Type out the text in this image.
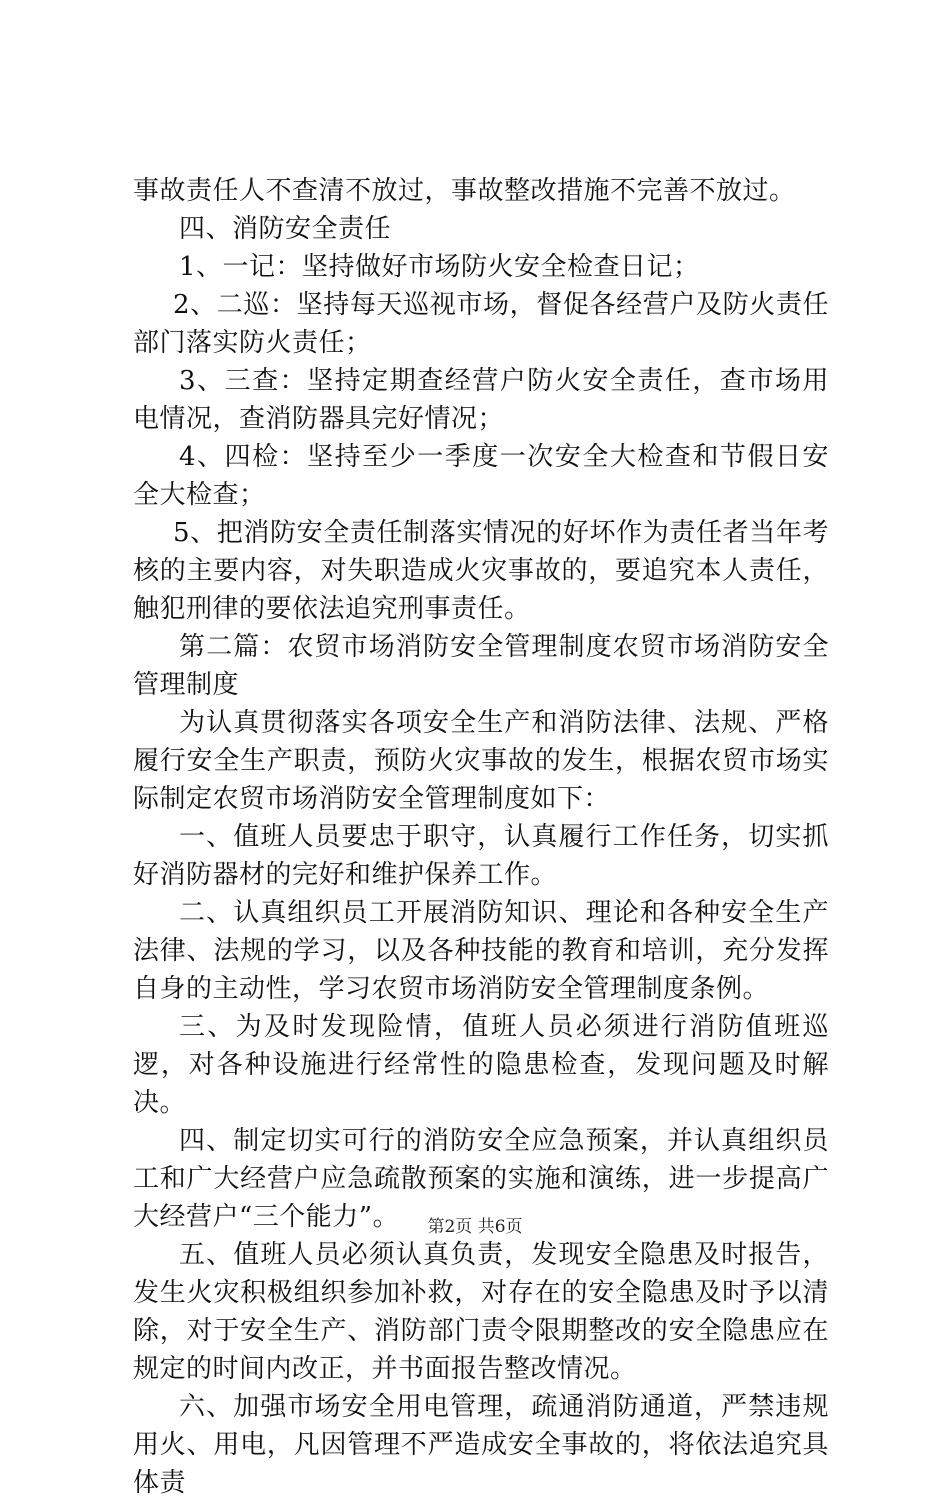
事故责任人不查清不放过，事故整改措施不完善不放过。

四、消防安全责任

1、一记：坚持做好市场防火安全检查日记；

2、二巡：坚持每天巡视市场，督促各经营户及防火责任部门落实防火责任；

3、三查：坚持定期查经营户防火安全责任，查市场用电情况，查消防器具完好情况；

4、四检：坚持至少一季度一次安全大检查和节假日安全大检查；

5、把消防安全责任制落实情况的好坏作为责任者当年考核的主要内容，对失职造成火灾事故的，要追究本人责任，触犯刑律的要依法追究刑事责任。

第二篇：农贸市场消防安全管理制度农贸市场消防安全管理制度

为认真贯彻落实各项安全生产和消防法律、法规、严格履行安全生产职责，预防火灾事故的发生，根据农贸市场实际制定农贸市场消防安全管理制度如下：

一、值班人员要忠于职守，认真履行工作任务，切实抓好消防器材的完好和维护保养工作。

二、认真组织员工开展消防知识、理论和各种安全生产法律、法规的学习，以及各种技能的教育和培训，充分发挥自身的主动性，学习农贸市场消防安全管理制度条例。

三、为及时发现险情，值班人员必须进行消防值班巡逻，对各种设施进行经常性的隐患检查，发现问题及时解决。

四、制定切实可行的消防安全应急预案，并认真组织员工和广大经营户应急疏散预案的实施和演练，进一步提高广大经营户“三个能力”。

五、值班人员必须认真负责，发现安全隐患及时报告，发生火灾积极组织参加补救，对存在的安全隐患及时予以清除，对于安全生产、消防部门责令限期整改的安全隐患应在规定的时间内改正，并书面报告整改情况。

六、加强市场安全用电管理，疏通消防通道，严禁违规用火、用电，凡因管理不严造成安全事故的，将依法追究具体责

第2页 共6页
